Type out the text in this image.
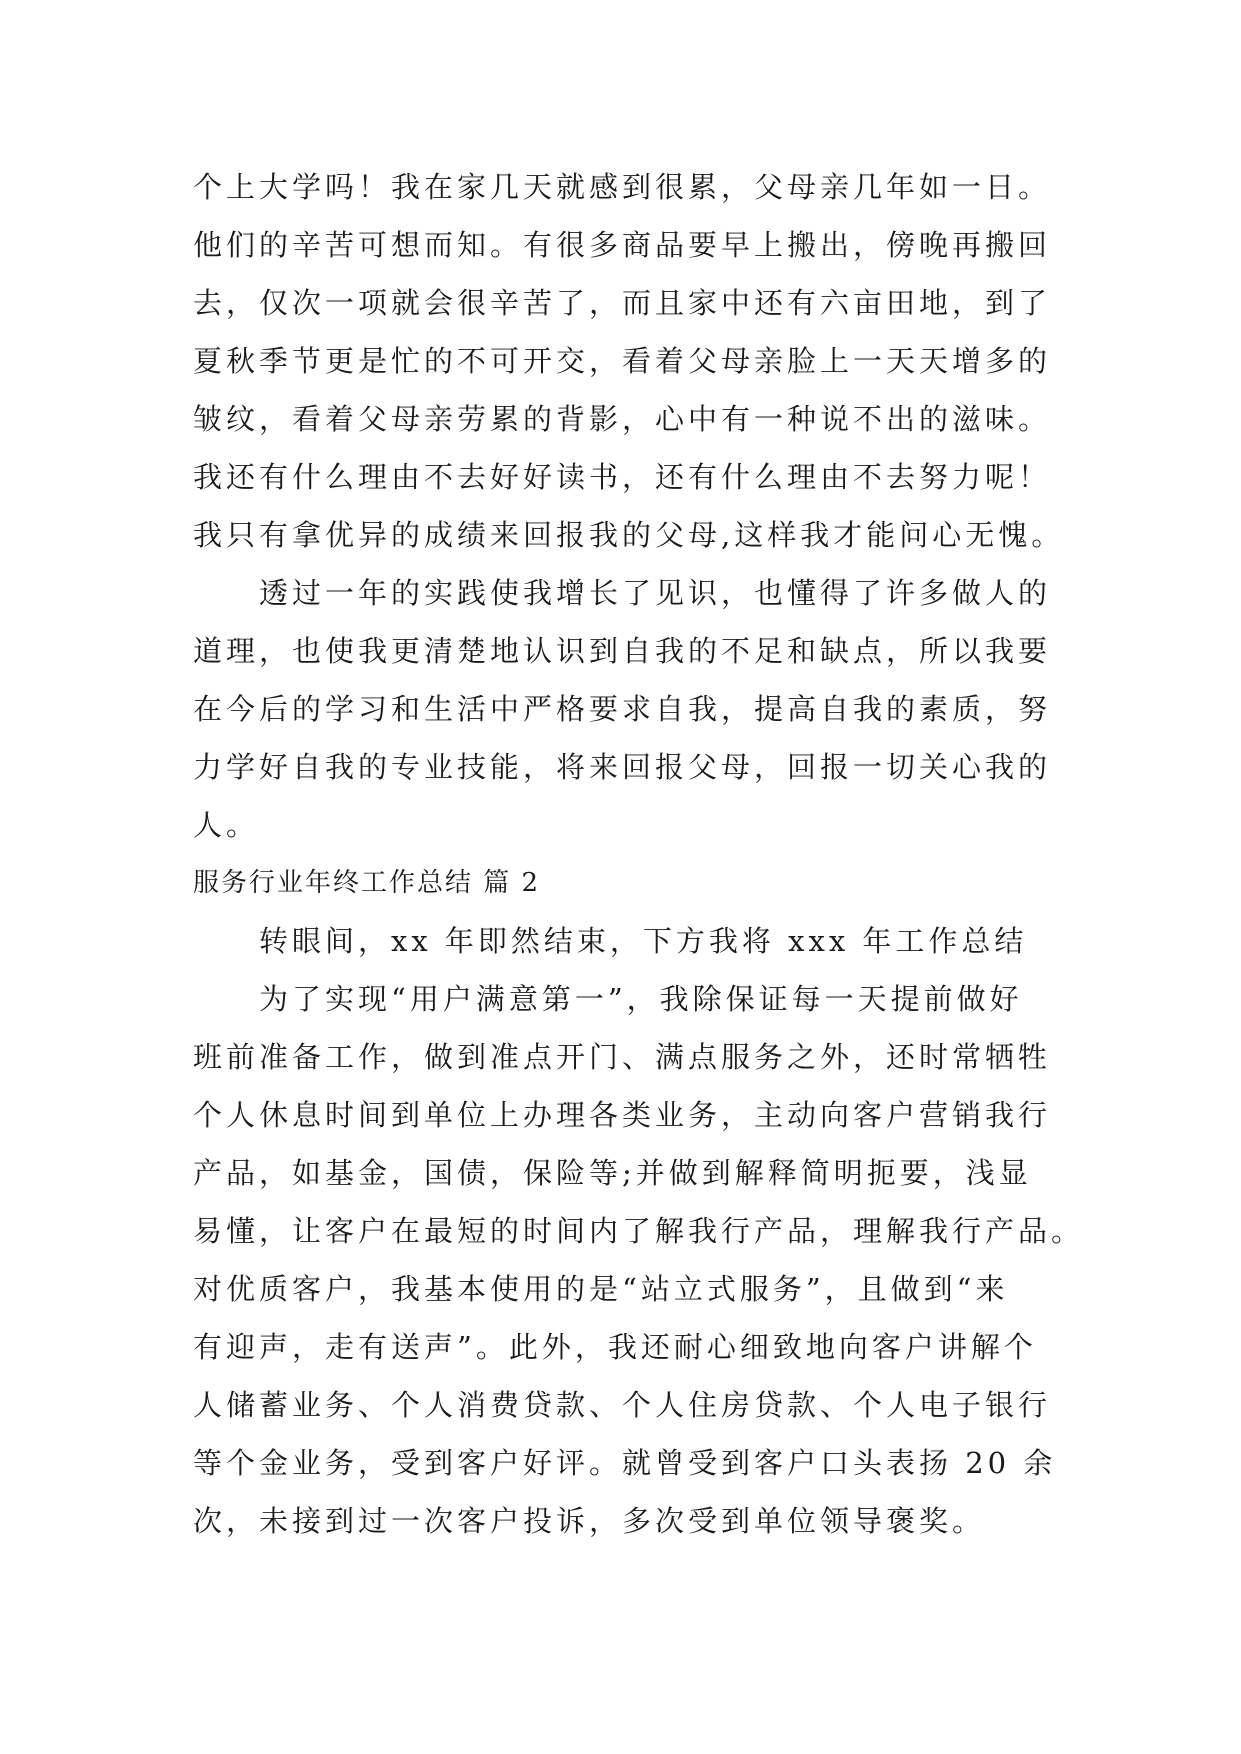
个上大学吗！我在家几天就感到很累，父母亲几年如一日。
他们的辛苦可想而知。有很多商品要早上搬出，傍晚再搬回
去，仅次一项就会很辛苦了，而且家中还有六亩田地，到了
夏秋季节更是忙的不可开交，看着父母亲脸上一天天增多的
皱纹，看着父母亲劳累的背影，心中有一种说不出的滋味。
我还有什么理由不去好好读书，还有什么理由不去努力呢！
我只有拿优异的成绩来回报我的父母,这样我才能问心无愧。
透过一年的实践使我增长了见识，也懂得了许多做人的
道理，也使我更清楚地认识到自我的不足和缺点，所以我要
在今后的学习和生活中严格要求自我，提高自我的素质，努
力学好自我的专业技能，将来回报父母，回报一切关心我的
人。
服务行业年终工作总结 篇 2
转眼间，xx 年即然结束，下方我将 xxx 年工作总结
为了实现“用户满意第一”，我除保证每一天提前做好
班前准备工作，做到准点开门、满点服务之外，还时常牺牲
个人休息时间到单位上办理各类业务，主动向客户营销我行
产品，如基金，国债，保险等;并做到解释简明扼要，浅显
易懂，让客户在最短的时间内了解我行产品，理解我行产品。
对优质客户，我基本使用的是“站立式服务”，且做到“来
有迎声，走有送声”。此外，我还耐心细致地向客户讲解个
人储蓄业务、个人消费贷款、个人住房贷款、个人电子银行
等个金业务，受到客户好评。就曾受到客户口头表扬 20 余
次，未接到过一次客户投诉，多次受到单位领导褒奖。
